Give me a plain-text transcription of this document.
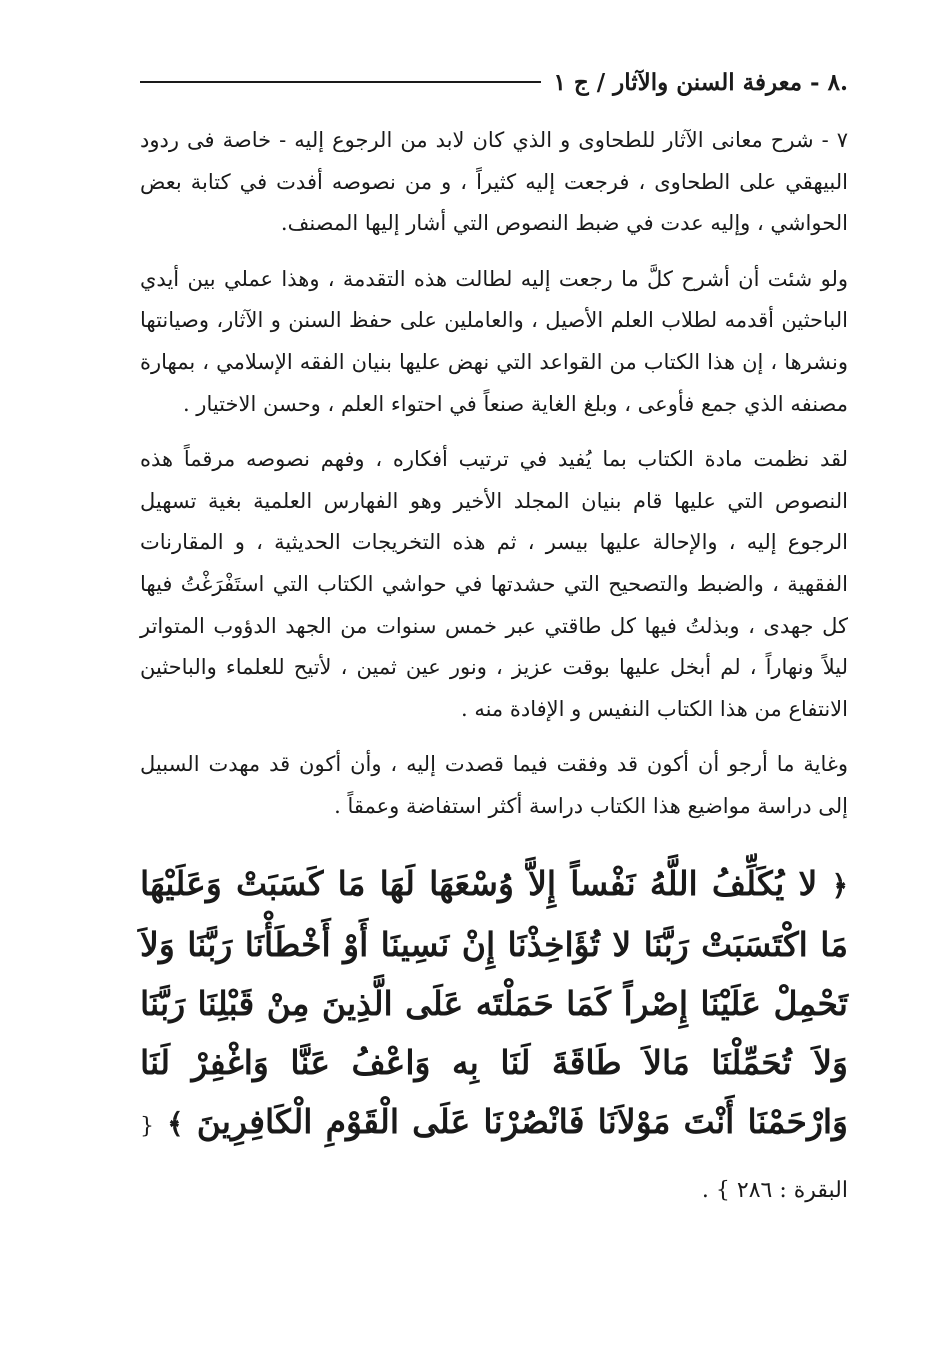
.٨ - معرفة السنن والآثار / ج ١

٧ - شرح معانى الآثار للطحاوى و الذي كان لابد من الرجوع إليه - خاصة فى ردود البيهقي على الطحاوى ، فرجعت إليه كثيراً ، و من نصوصه أفدت في كتابة بعض الحواشي ، وإليه عدت في ضبط النصوص التي أشار إليها المصنف.

ولو شئت أن أشرح كلَّ ما رجعت إليه لطالت هذه التقدمة ، وهذا عملي بين أيدي الباحثين أقدمه لطلاب العلم الأصيل ، والعاملين على حفظ السنن و الآثار، وصيانتها ونشرها ، إن هذا الكتاب من القواعد التي نهض عليها بنيان الفقه الإسلامي ، بمهارة مصنفه الذي جمع فأوعى ، وبلغ الغاية صنعاً في احتواء العلم ، وحسن الاختيار .

لقد نظمت مادة الكتاب بما يُفيد في ترتيب أفكاره ، وفهم نصوصه مرقماً هذه النصوص التي عليها قام بنيان المجلد الأخير وهو الفهارس العلمية بغية تسهيل الرجوع إليه ، والإحالة عليها بيسر ، ثم هذه التخريجات الحديثية ، و المقارنات الفقهية ، والضبط والتصحيح التي حشدتها في حواشي الكتاب التي استَفْرَغْتُ فيها كل جهدى ، وبذلتُ فيها كل طاقتي عبر خمس سنوات من الجهد الدؤوب المتواتر ليلاً ونهاراً ، لم أبخل عليها بوقت عزيز ، ونور عين ثمين ، لأتيح للعلماء والباحثين الانتفاع من هذا الكتاب النفيس و الإفادة منه .

وغاية ما أرجو أن أكون قد وفقت فيما قصدت إليه ، وأن أكون قد مهدت السبيل إلى دراسة مواضيع هذا الكتاب دراسة أكثر استفاضة وعمقاً .

﴿ لا يُكَلِّفُ اللَّهُ نَفْساً إِلاَّ وُسْعَهَا لَهَا مَا كَسَبَتْ وَعَلَيْهَا مَا اكْتَسَبَتْ رَبَّنَا لا تُؤَاخِذْنَا إِنْ نَسِينَا أَوْ أَخْطَأْنَا رَبَّنَا وَلاَ تَحْمِلْ عَلَيْنَا إِصْراً كَمَا حَمَلْتَه عَلَى الَّذِينَ مِنْ قَبْلِنَا رَبَّنَا وَلاَ تُحَمِّلْنَا مَالاَ طَاقَةَ لَنَا بِه وَاعْفُ عَنَّا وَاغْفِرْ لَنَا وَارْحَمْنَا أَنْتَ مَوْلاَنَا فَانْصُرْنَا عَلَى الْقَوْمِ الْكَافِرِينَ ﴾ { البقرة : ٢٨٦ } .
